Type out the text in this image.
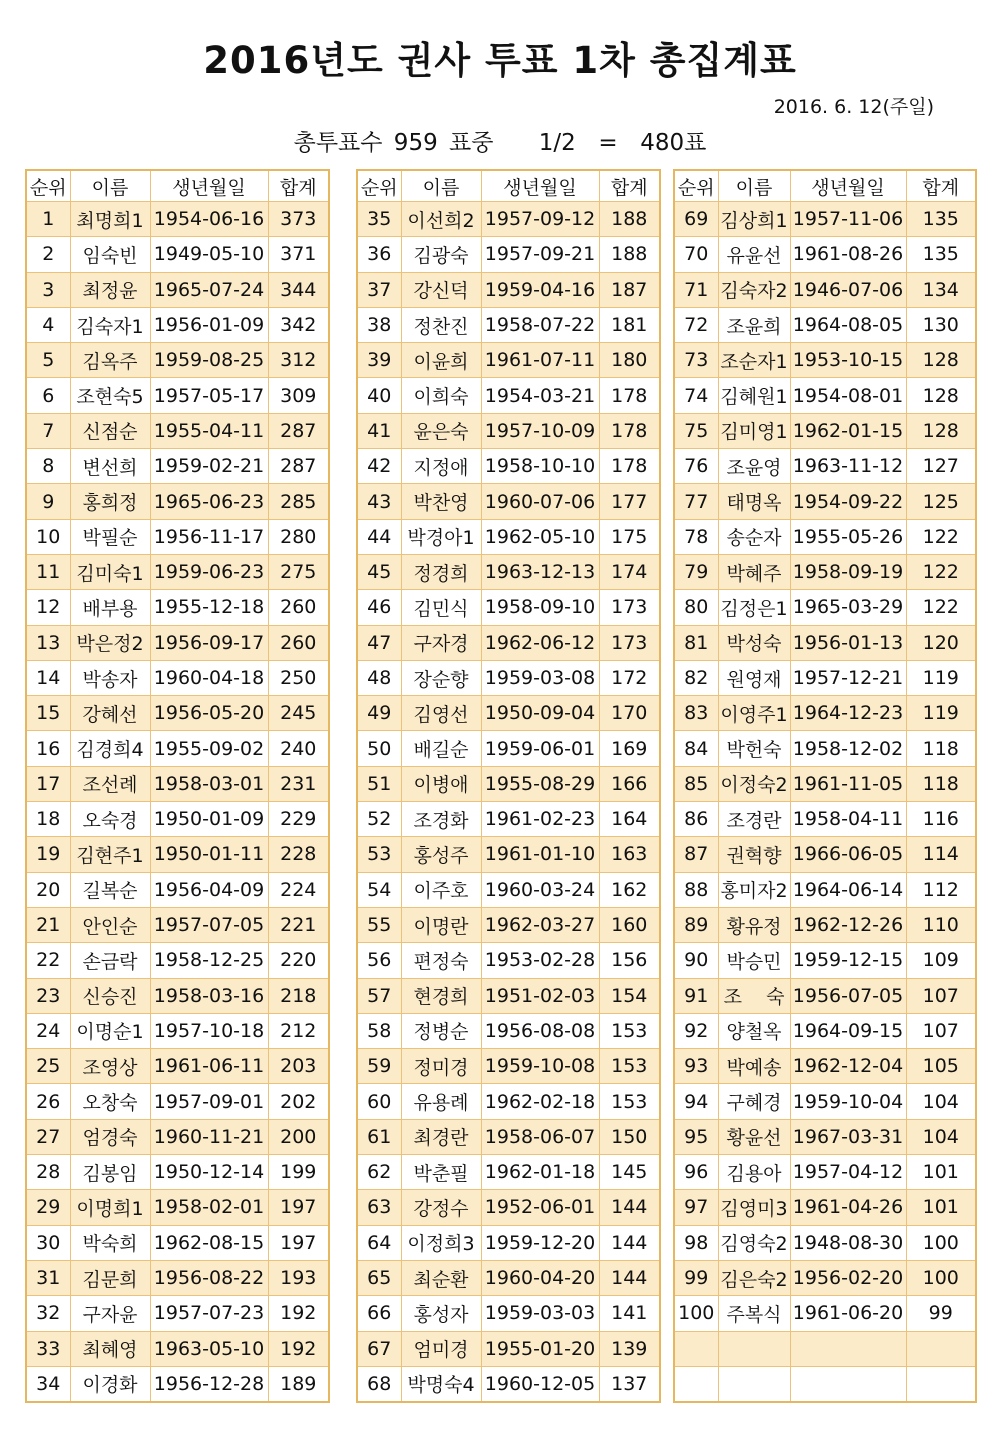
2016년도 권사 투표 1차 총집계표
2016. 6. 12(주일)
총투표수 959 표중    1/2  =  480표
순위	이름	생년월일	합계
1	최명희1	1954-06-16	373
2	임숙빈	1949-05-10	371
3	최정윤	1965-07-24	344
4	김숙자1	1956-01-09	342
5	김옥주	1959-08-25	312
6	조현숙5	1957-05-17	309
7	신점순	1955-04-11	287
8	변선희	1959-02-21	287
9	홍희정	1965-06-23	285
10	박필순	1956-11-17	280
11	김미숙1	1959-06-23	275
12	배부용	1955-12-18	260
13	박은정2	1956-09-17	260
14	박송자	1960-04-18	250
15	강혜선	1956-05-20	245
16	김경희4	1955-09-02	240
17	조선례	1958-03-01	231
18	오숙경	1950-01-09	229
19	김현주1	1950-01-11	228
20	길복순	1956-04-09	224
21	안인순	1957-07-05	221
22	손금락	1958-12-25	220
23	신승진	1958-03-16	218
24	이명순1	1957-10-18	212
25	조영상	1961-06-11	203
26	오창숙	1957-09-01	202
27	엄경숙	1960-11-21	200
28	김봉임	1950-12-14	199
29	이명희1	1958-02-01	197
30	박숙희	1962-08-15	197
31	김문희	1956-08-22	193
32	구자윤	1957-07-23	192
33	최혜영	1963-05-10	192
34	이경화	1956-12-28	189
순위	이름	생년월일	합계
35	이선희2	1957-09-12	188
36	김광숙	1957-09-21	188
37	강신덕	1959-04-16	187
38	정찬진	1958-07-22	181
39	이윤희	1961-07-11	180
40	이희숙	1954-03-21	178
41	윤은숙	1957-10-09	178
42	지정애	1958-10-10	178
43	박찬영	1960-07-06	177
44	박경아1	1962-05-10	175
45	정경희	1963-12-13	174
46	김민식	1958-09-10	173
47	구자경	1962-06-12	173
48	장순향	1959-03-08	172
49	김영선	1950-09-04	170
50	배길순	1959-06-01	169
51	이병애	1955-08-29	166
52	조경화	1961-02-23	164
53	홍성주	1961-01-10	163
54	이주호	1960-03-24	162
55	이명란	1962-03-27	160
56	편정숙	1953-02-28	156
57	현경희	1951-02-03	154
58	정병순	1956-08-08	153
59	정미경	1959-10-08	153
60	유용례	1962-02-18	153
61	최경란	1958-06-07	150
62	박춘필	1962-01-18	145
63	강정수	1952-06-01	144
64	이정희3	1959-12-20	144
65	최순환	1960-04-20	144
66	홍성자	1959-03-03	141
67	엄미경	1955-01-20	139
68	박명숙4	1960-12-05	137
순위	이름	생년월일	합계
69	김상희1	1957-11-06	135
70	유윤선	1961-08-26	135
71	김숙자2	1946-07-06	134
72	조윤희	1964-08-05	130
73	조순자1	1953-10-15	128
74	김혜원1	1954-08-01	128
75	김미영1	1962-01-15	128
76	조윤영	1963-11-12	127
77	태명옥	1954-09-22	125
78	송순자	1955-05-26	122
79	박혜주	1958-09-19	122
80	김정은1	1965-03-29	122
81	박성숙	1956-01-13	120
82	원영재	1957-12-21	119
83	이영주1	1964-12-23	119
84	박헌숙	1958-12-02	118
85	이정숙2	1961-11-05	118
86	조경란	1958-04-11	116
87	권혁향	1966-06-05	114
88	홍미자2	1964-06-14	112
89	황유정	1962-12-26	110
90	박승민	1959-12-15	109
91	조    숙	1956-07-05	107
92	양철옥	1964-09-15	107
93	박예송	1962-12-04	105
94	구혜경	1959-10-04	104
95	황윤선	1967-03-31	104
96	김용아	1957-04-12	101
97	김영미3	1961-04-26	101
98	김영숙2	1948-08-30	100
99	김은숙2	1956-02-20	100
100	주복식	1961-06-20	99
